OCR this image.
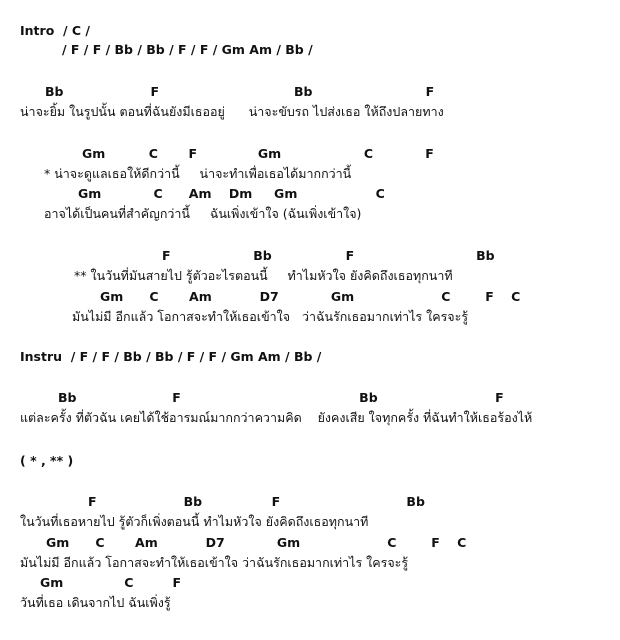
Intro  / C /
/ F / F / Bb / Bb / F / F / Gm Am / Bb /
Bb                    F                               Bb                          F
น่าจะยิ้ม ในรูปนั้น ตอนที่ฉันยังมีเธออยู่      น่าจะขับรถ ไปส่งเธอ ให้ถึงปลายทาง
Gm          C       F              Gm                   C            F
* น่าจะดูแลเธอให้ดีกว่านี้     น่าจะทำเพื่อเธอได้มากกว่านี้
Gm            C      Am    Dm     Gm                  C
อาจได้เป็นคนที่สำคัญกว่านี้     ฉันเพิ่งเข้าใจ (ฉันเพิ่งเข้าใจ)
F                   Bb                 F                            Bb
** ในวันที่มันสายไป รู้ตัวอะไรตอนนี้     ทำไมหัวใจ ยังคิดถึงเธอทุกนาที
Gm      C       Am           D7            Gm                    C        F    C
มันไม่มี อีกแล้ว โอกาสจะทำให้เธอเข้าใจ   ว่าฉันรักเธอมากเท่าไร ใครจะรู้
Instru  / F / F / Bb / Bb / F / F / Gm Am / Bb /
Bb                      F                                         Bb                           F
แต่ละครั้ง ที่ตัวฉัน เคยได้ใช้อารมณ์มากกว่าความคิด    ยังคงเสีย ใจทุกครั้ง ที่ฉันทำให้เธอร้องไห้
( * , ** )
F                    Bb                F                             Bb
ในวันที่เธอหายไป รู้ตัวก็เพิ่งตอนนี้ ทำไมหัวใจ ยังคิดถึงเธอทุกนาที
Gm      C       Am           D7            Gm                    C        F    C
มันไม่มี อีกแล้ว โอกาสจะทำให้เธอเข้าใจ ว่าฉันรักเธอมากเท่าไร ใครจะรู้
Gm              C         F
วันที่เธอ เดินจากไป ฉันเพิ่งรู้
